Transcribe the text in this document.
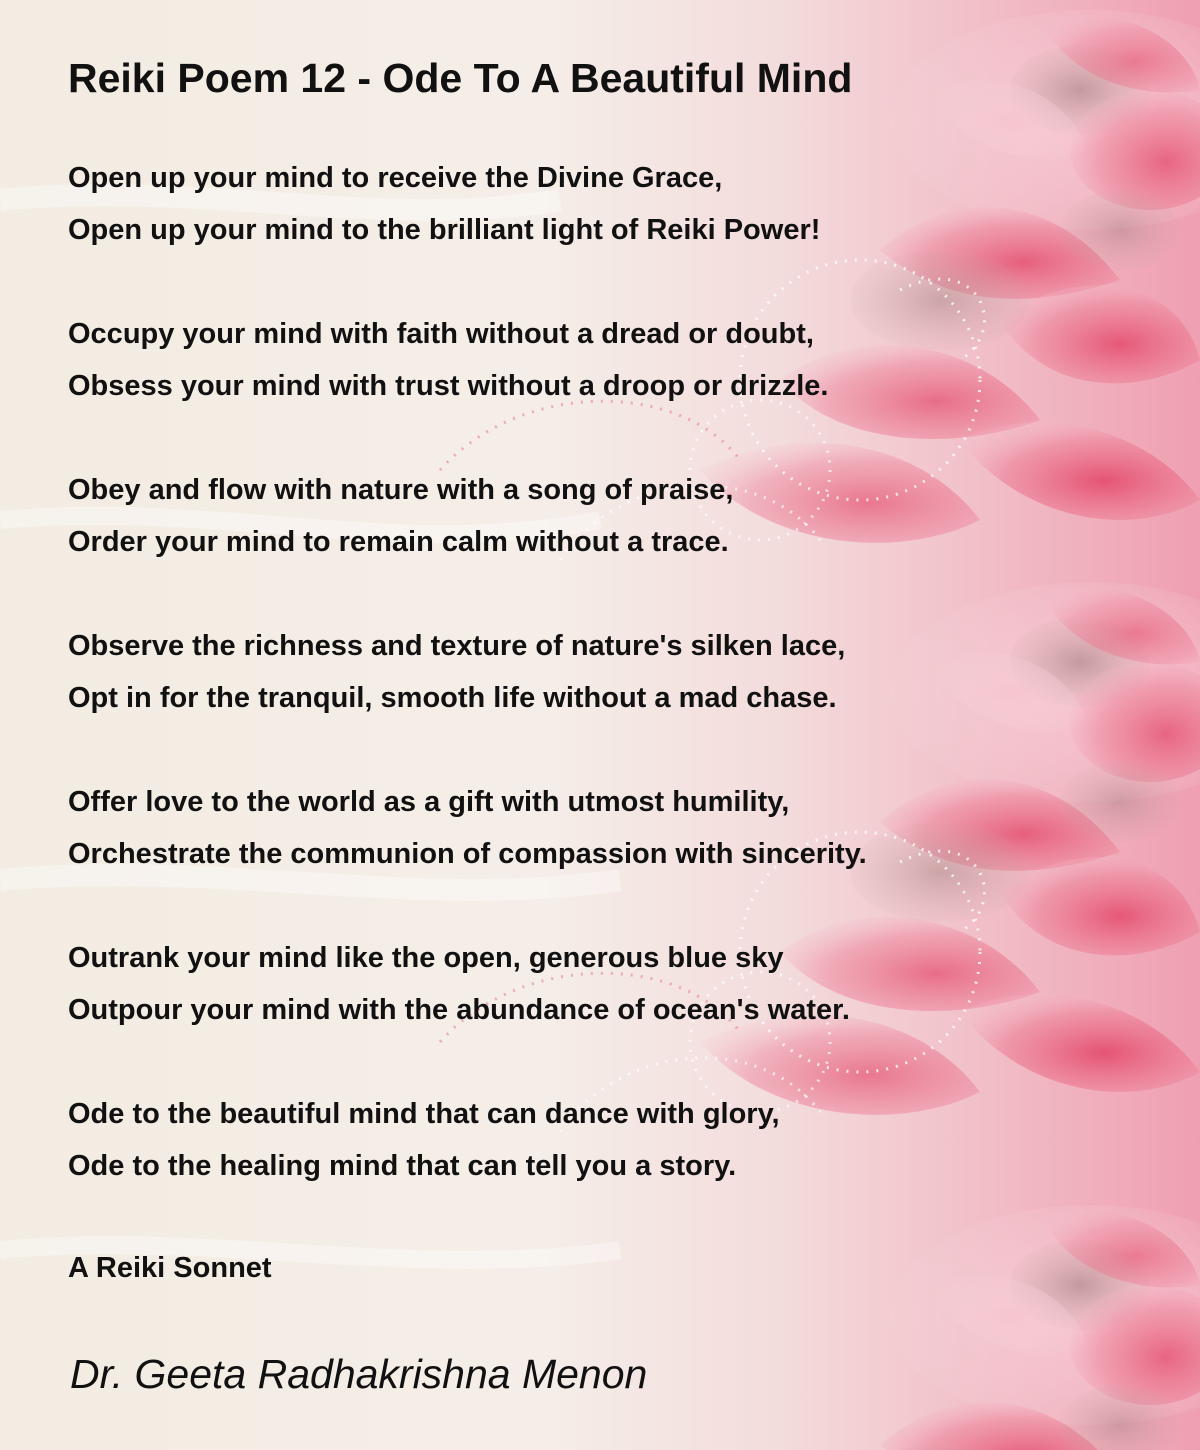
Reiki Poem 12 - Ode To A Beautiful Mind
Open up your mind to receive the Divine Grace,
Open up your mind to the brilliant light of Reiki Power!
Occupy your mind with faith without a dread or doubt,
Obsess your mind with trust without a droop or drizzle.
Obey and flow with nature with a song of praise,
Order your mind to remain calm without a trace.
Observe the richness and texture of nature's silken lace,
Opt in for the tranquil, smooth life without a mad chase.
Offer love to the world as a gift with utmost humility,
Orchestrate the communion of compassion with sincerity.
Outrank your mind like the open, generous blue sky
Outpour your mind with the abundance of ocean's water.
Ode to the beautiful mind that can dance with glory,
Ode to the healing mind that can tell you a story.
A Reiki Sonnet
Dr. Geeta Radhakrishna Menon
